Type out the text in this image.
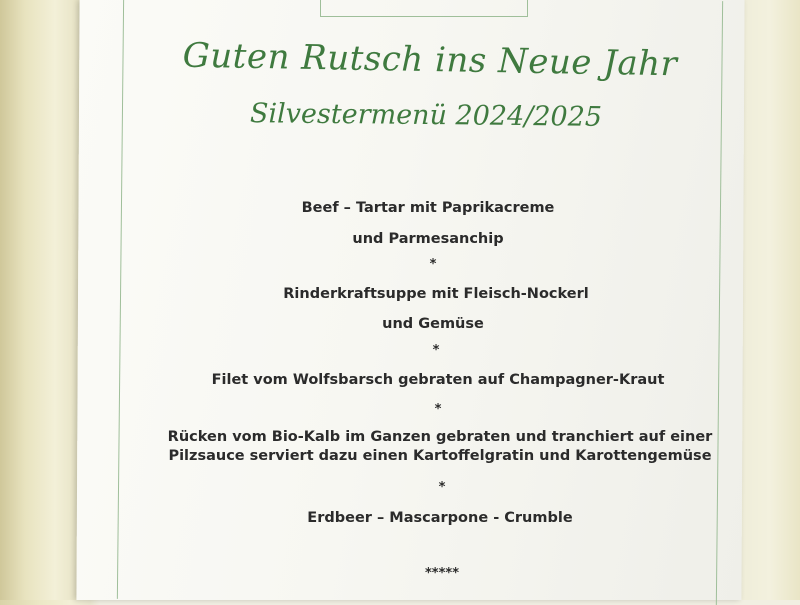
Guten Rutsch ins Neue Jahr
Silvestermenü 2024/2025
Beef – Tartar mit Paprikacreme
und Parmesanchip
*
Rinderkraftsuppe mit Fleisch-Nockerl
und Gemüse
*
Filet vom Wolfsbarsch gebraten auf Champagner-Kraut
*
Rücken vom Bio-Kalb im Ganzen gebraten und tranchiert auf einer
Pilzsauce serviert dazu einen Kartoffelgratin und Karottengemüse
*
Erdbeer – Mascarpone - Crumble
*****
